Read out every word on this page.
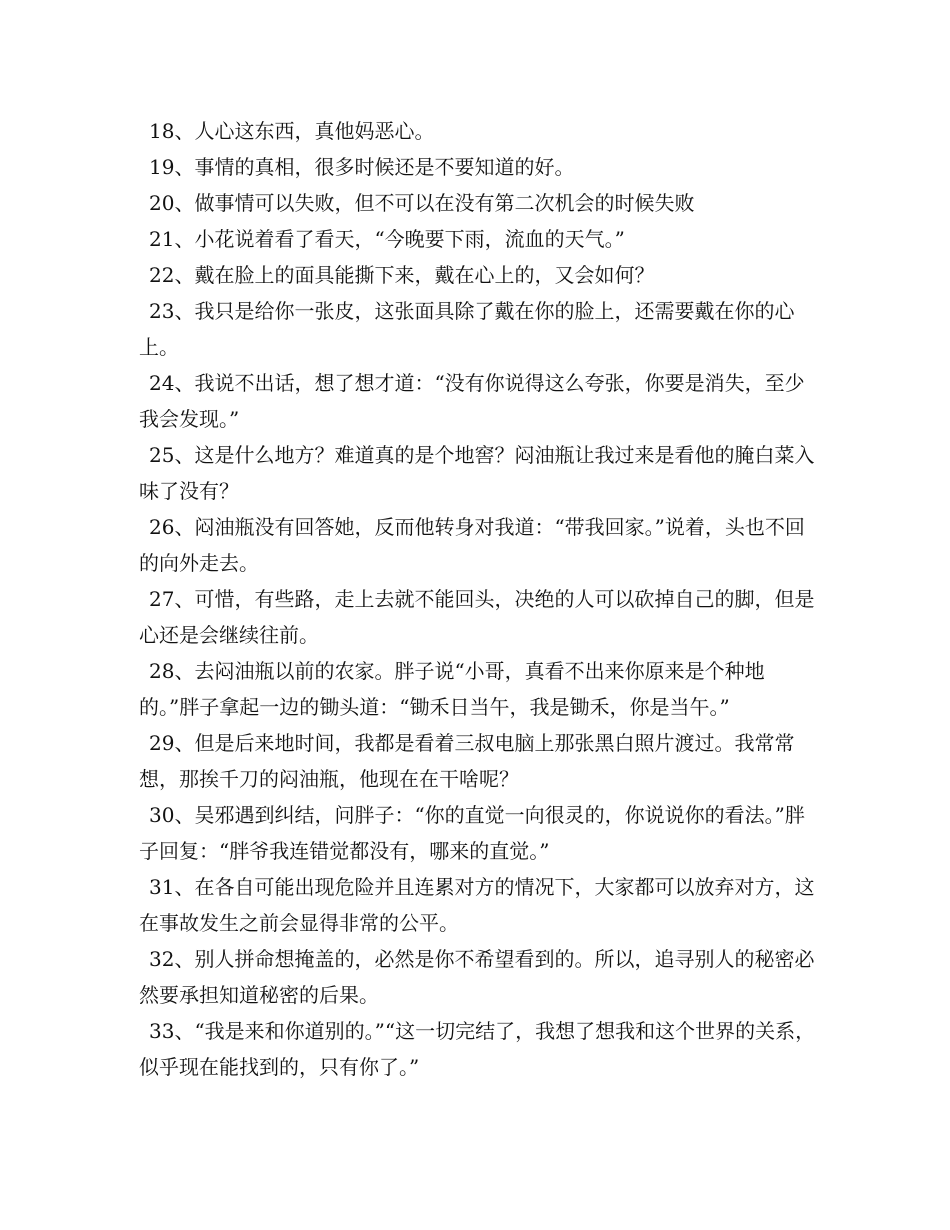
18、人心这东西，真他妈恶心。

19、事情的真相，很多时候还是不要知道的好。

20、做事情可以失败，但不可以在没有第二次机会的时候失败

21、小花说着看了看天，“今晚要下雨，流血的天气。”

22、戴在脸上的面具能撕下来，戴在心上的，又会如何？

23、我只是给你一张皮，这张面具除了戴在你的脸上，还需要戴在你的心上。

24、我说不出话，想了想才道：“没有你说得这么夸张，你要是消失，至少我会发现。”

25、这是什么地方？难道真的是个地窖？闷油瓶让我过来是看他的腌白菜入味了没有？

26、闷油瓶没有回答她，反而他转身对我道：“带我回家。”说着，头也不回的向外走去。

27、可惜，有些路，走上去就不能回头，决绝的人可以砍掉自己的脚，但是心还是会继续往前。

28、去闷油瓶以前的农家。胖子说“小哥，真看不出来你原来是个种地的。”胖子拿起一边的锄头道：“锄禾日当午，我是锄禾，你是当午。”

29、但是后来地时间，我都是看着三叔电脑上那张黑白照片渡过。我常常想，那挨千刀的闷油瓶，他现在在干啥呢？

30、吴邪遇到纠结，问胖子：“你的直觉一向很灵的，你说说你的看法。”胖子回复：“胖爷我连错觉都没有，哪来的直觉。”

31、在各自可能出现危险并且连累对方的情况下，大家都可以放弃对方，这在事故发生之前会显得非常的公平。

32、别人拼命想掩盖的，必然是你不希望看到的。所以，追寻别人的秘密必然要承担知道秘密的后果。

33、“我是来和你道别的。”“这一切完结了，我想了想我和这个世界的关系，似乎现在能找到的，只有你了。”
